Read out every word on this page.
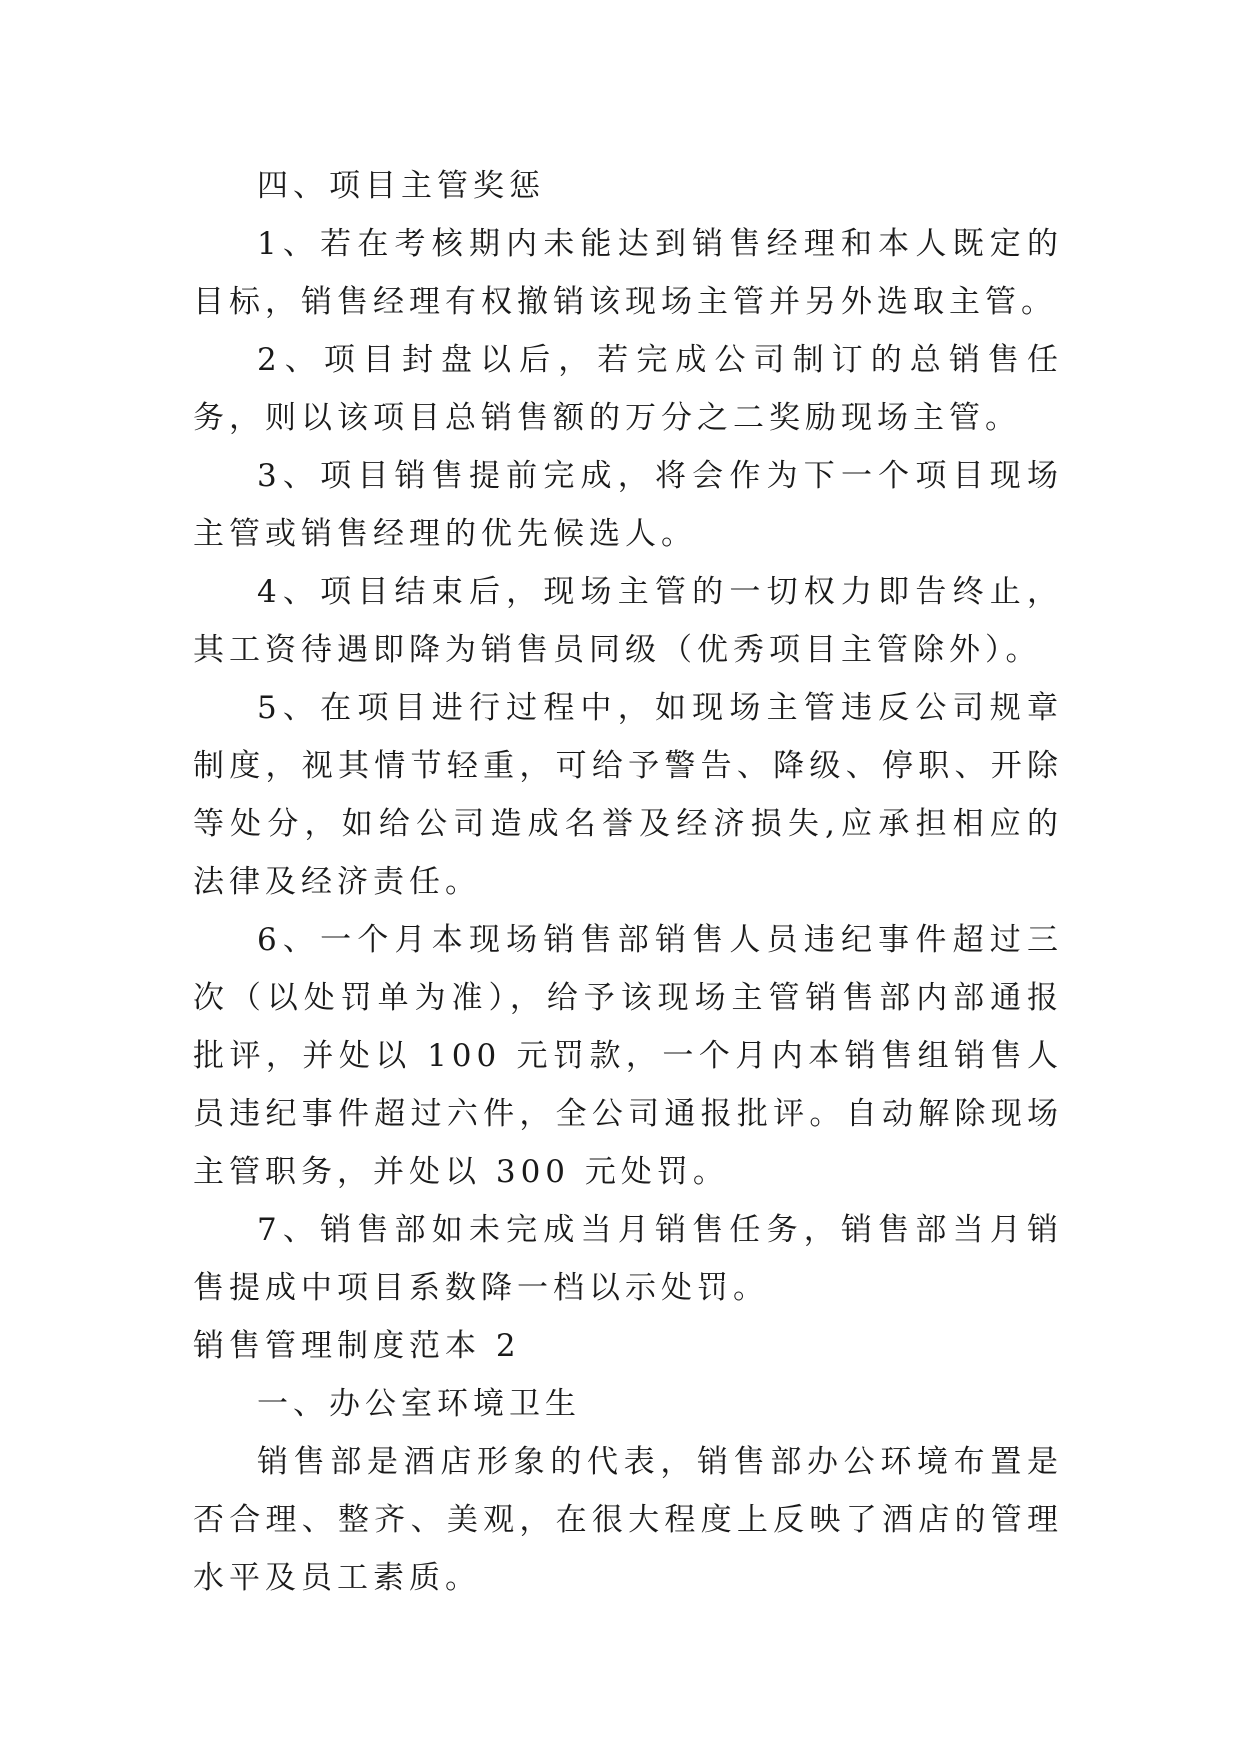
四、项目主管奖惩

1、若在考核期内未能达到销售经理和本人既定的目标，销售经理有权撤销该现场主管并另外选取主管。

2、项目封盘以后，若完成公司制订的总销售任务，则以该项目总销售额的万分之二奖励现场主管。

3、项目销售提前完成，将会作为下一个项目现场主管或销售经理的优先候选人。

4、项目结束后，现场主管的一切权力即告终止，其工资待遇即降为销售员同级（优秀项目主管除外）。

5、在项目进行过程中，如现场主管违反公司规章制度，视其情节轻重，可给予警告、降级、停职、开除等处分，如给公司造成名誉及经济损失,应承担相应的法律及经济责任。

6、一个月本现场销售部销售人员违纪事件超过三次（以处罚单为准），给予该现场主管销售部内部通报批评，并处以 100 元罚款，一个月内本销售组销售人员违纪事件超过六件，全公司通报批评。自动解除现场主管职务，并处以 300 元处罚。

7、销售部如未完成当月销售任务，销售部当月销售提成中项目系数降一档以示处罚。

销售管理制度范本 2

一、办公室环境卫生

销售部是酒店形象的代表，销售部办公环境布置是否合理、整齐、美观，在很大程度上反映了酒店的管理水平及员工素质。
